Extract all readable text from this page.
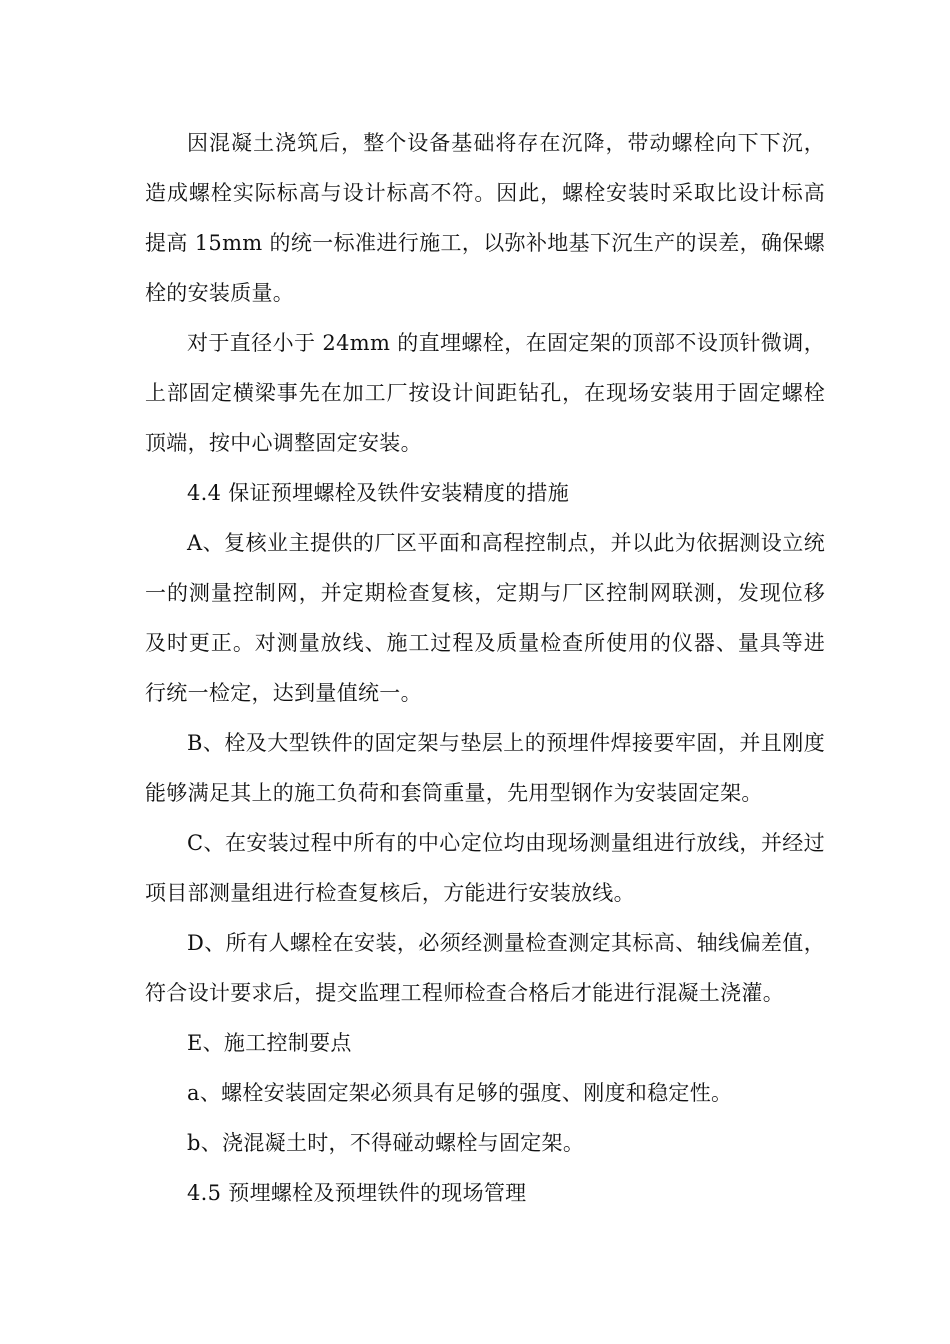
因混凝土浇筑后，整个设备基础将存在沉降，带动螺栓向下下沉，造成螺栓实际标高与设计标高不符。因此，螺栓安装时采取比设计标高提高 15mm 的统一标准进行施工，以弥补地基下沉生产的误差，确保螺栓的安装质量。

对于直径小于 24mm 的直埋螺栓，在固定架的顶部不设顶针微调，上部固定横梁事先在加工厂按设计间距钻孔，在现场安装用于固定螺栓顶端，按中心调整固定安装。

4.4 保证预埋螺栓及铁件安装精度的措施

A、复核业主提供的厂区平面和高程控制点，并以此为依据测设立统一的测量控制网，并定期检查复核，定期与厂区控制网联测，发现位移及时更正。对测量放线、施工过程及质量检查所使用的仪器、量具等进行统一检定，达到量值统一。

B、栓及大型铁件的固定架与垫层上的预埋件焊接要牢固，并且刚度能够满足其上的施工负荷和套筒重量，先用型钢作为安装固定架。

C、在安装过程中所有的中心定位均由现场测量组进行放线，并经过项目部测量组进行检查复核后，方能进行安装放线。

D、所有人螺栓在安装，必须经测量检查测定其标高、轴线偏差值，符合设计要求后，提交监理工程师检查合格后才能进行混凝土浇灌。

E、施工控制要点

a、螺栓安装固定架必须具有足够的强度、刚度和稳定性。

b、浇混凝土时，不得碰动螺栓与固定架。

4.5 预埋螺栓及预埋铁件的现场管理
